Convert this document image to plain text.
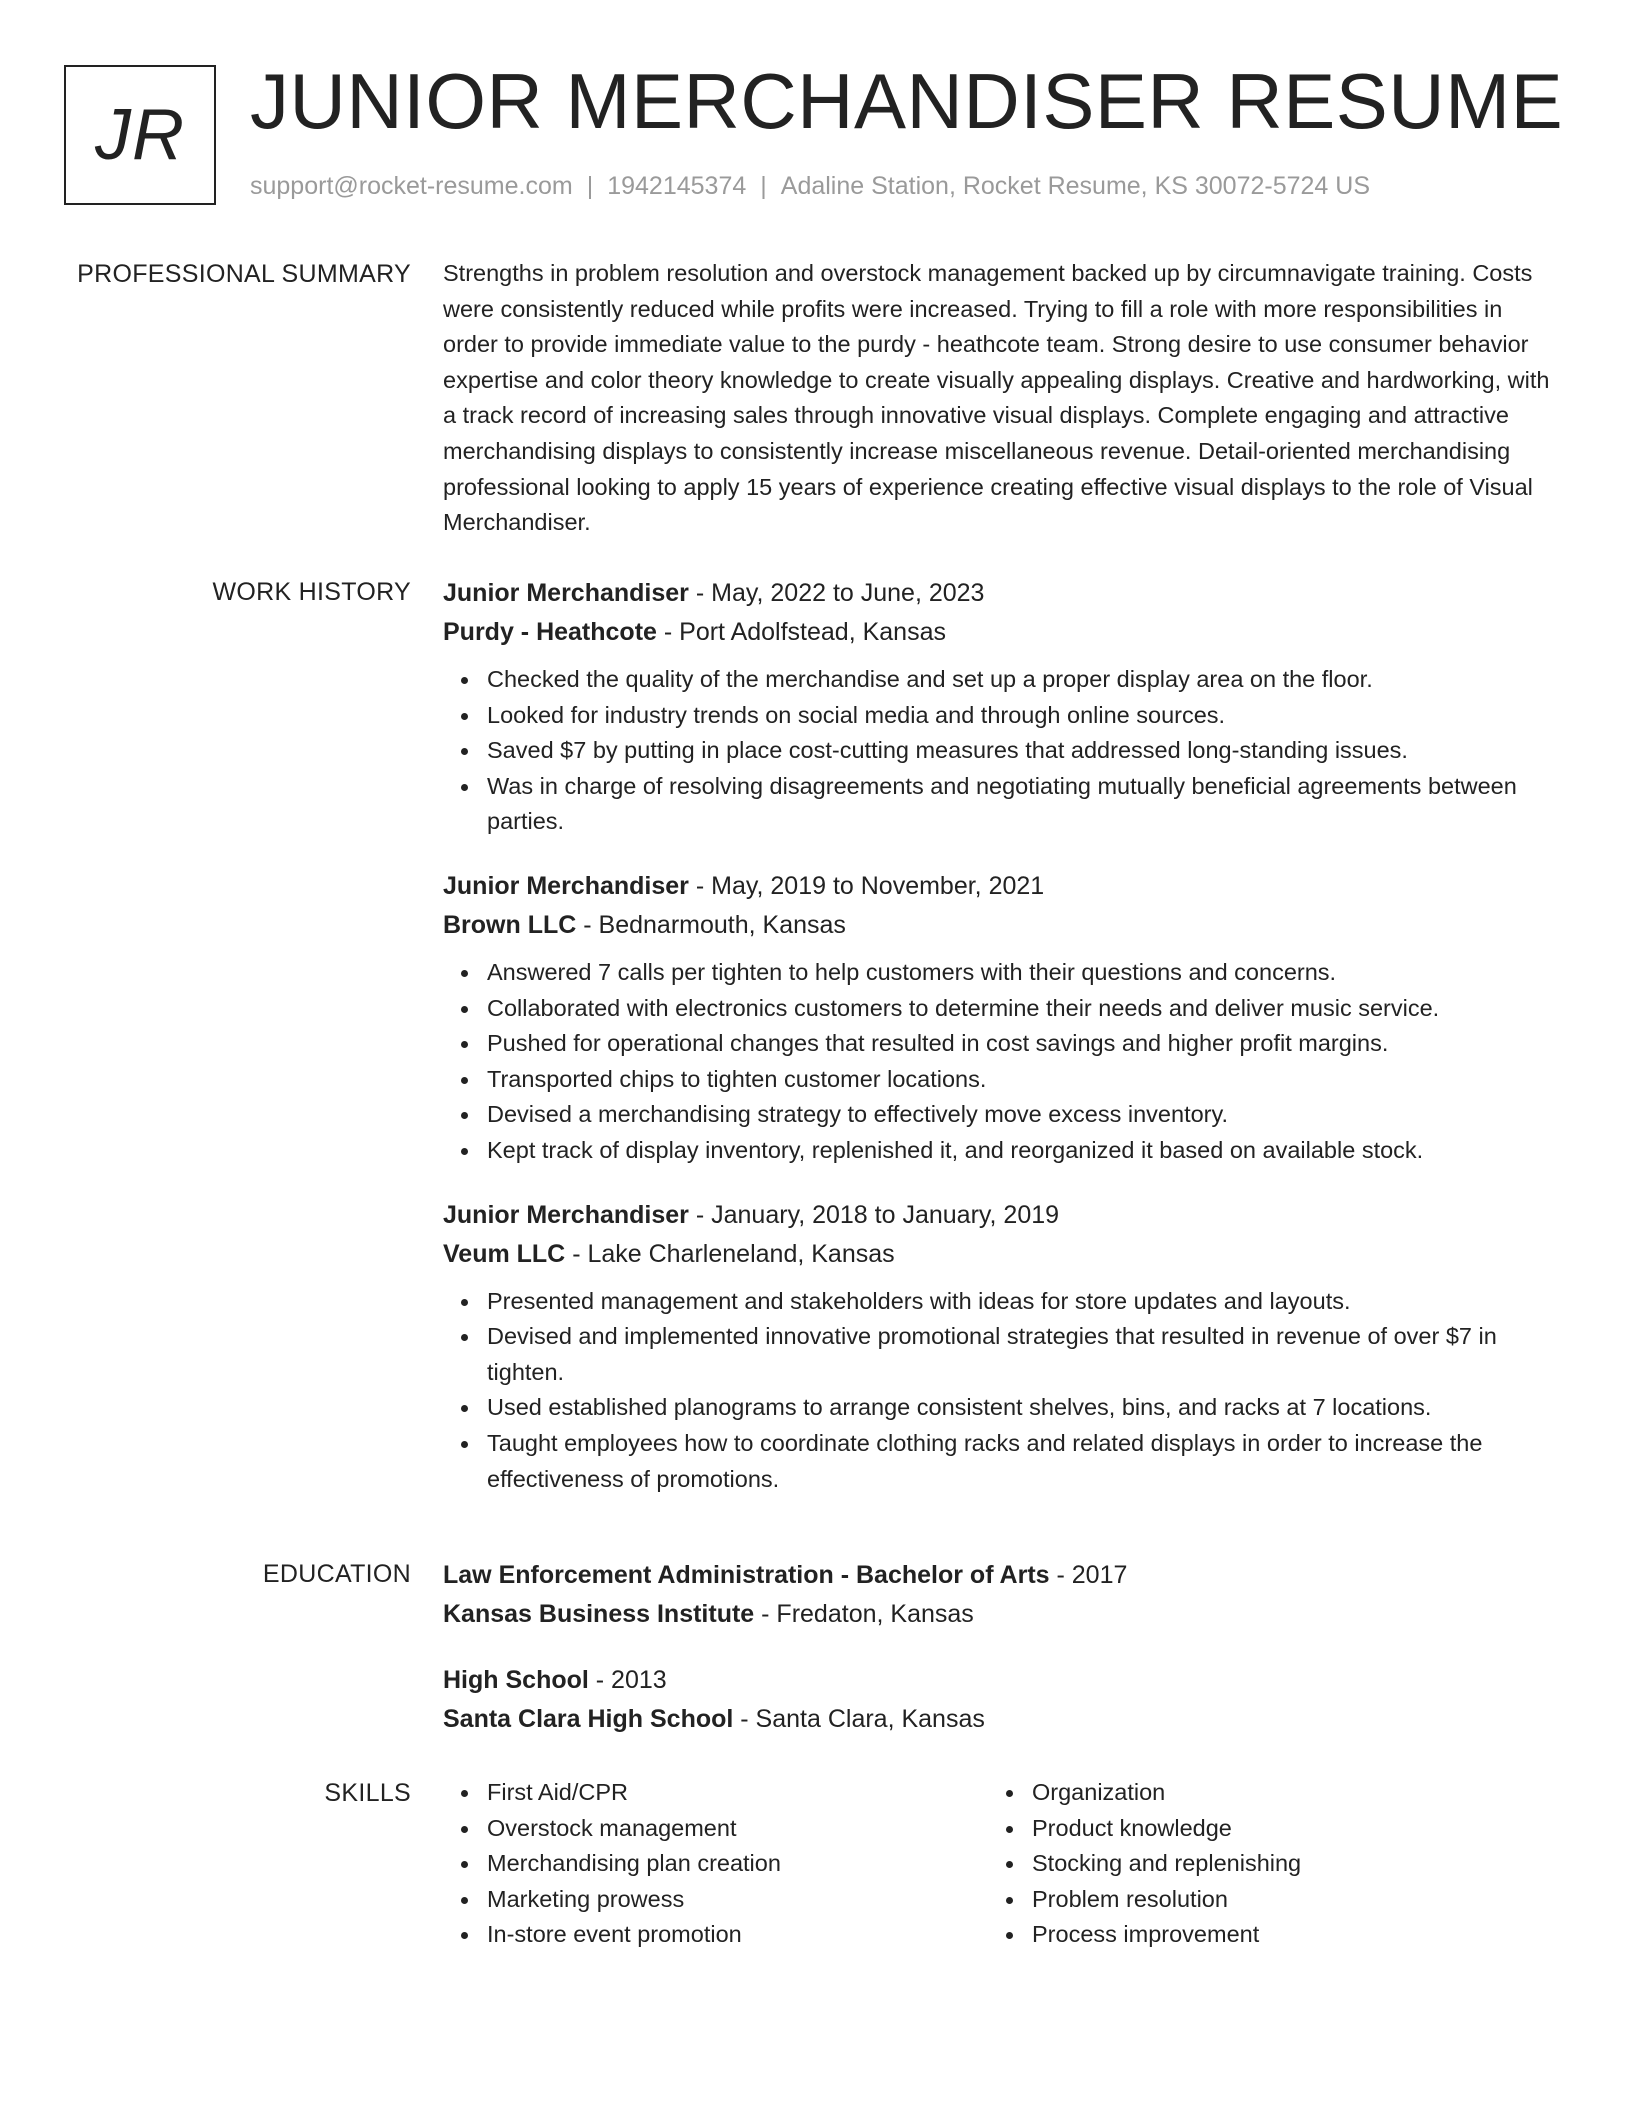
JR JUNIOR MERCHANDISER RESUME
support@rocket-resume.com | 1942145374 | Adaline Station, Rocket Resume, KS 30072-5724 US
PROFESSIONAL SUMMARY Strengths in problem resolution and overstock management backed up by circumnavigate training. Costs were consistently reduced while profits were increased. Trying to fill a role with more responsibilities in order to provide immediate value to the purdy - heathcote team. Strong desire to use consumer behavior expertise and color theory knowledge to create visually appealing displays. Creative and hardworking, with a track record of increasing sales through innovative visual displays. Complete engaging and attractive merchandising displays to consistently increase miscellaneous revenue. Detail-oriented merchandising professional looking to apply 15 years of experience creating effective visual displays to the role of Visual Merchandiser.

WORK HISTORY Junior Merchandiser - May, 2022 to June, 2023
Purdy - Heathcote - Port Adolfstead, Kansas
Checked the quality of the merchandise and set up a proper display area on the floor.
Looked for industry trends on social media and through online sources.
Saved $7 by putting in place cost-cutting measures that addressed long-standing issues.
Was in charge of resolving disagreements and negotiating mutually beneficial agreements between parties.
Junior Merchandiser - May, 2019 to November, 2021
Brown LLC - Bednarmouth, Kansas
Answered 7 calls per tighten to help customers with their questions and concerns.
Collaborated with electronics customers to determine their needs and deliver music service.
Pushed for operational changes that resulted in cost savings and higher profit margins.
Transported chips to tighten customer locations.
Devised a merchandising strategy to effectively move excess inventory.
Kept track of display inventory, replenished it, and reorganized it based on available stock.
Junior Merchandiser - January, 2018 to January, 2019
Veum LLC - Lake Charleneland, Kansas
Presented management and stakeholders with ideas for store updates and layouts.
Devised and implemented innovative promotional strategies that resulted in revenue of over $7 in tighten.
Used established planograms to arrange consistent shelves, bins, and racks at 7 locations.
Taught employees how to coordinate clothing racks and related displays in order to increase the effectiveness of promotions.
EDUCATION Law Enforcement Administration - Bachelor of Arts - 2017
Kansas Business Institute - Fredaton, Kansas
High School - 2013
Santa Clara High School - Santa Clara, Kansas
SKILLS	First Aid/CPR
Overstock management
Merchandising plan creation
Marketing prowess
In-store event promotion
Organization
Product knowledge
Stocking and replenishing
Problem resolution
Process improvement
